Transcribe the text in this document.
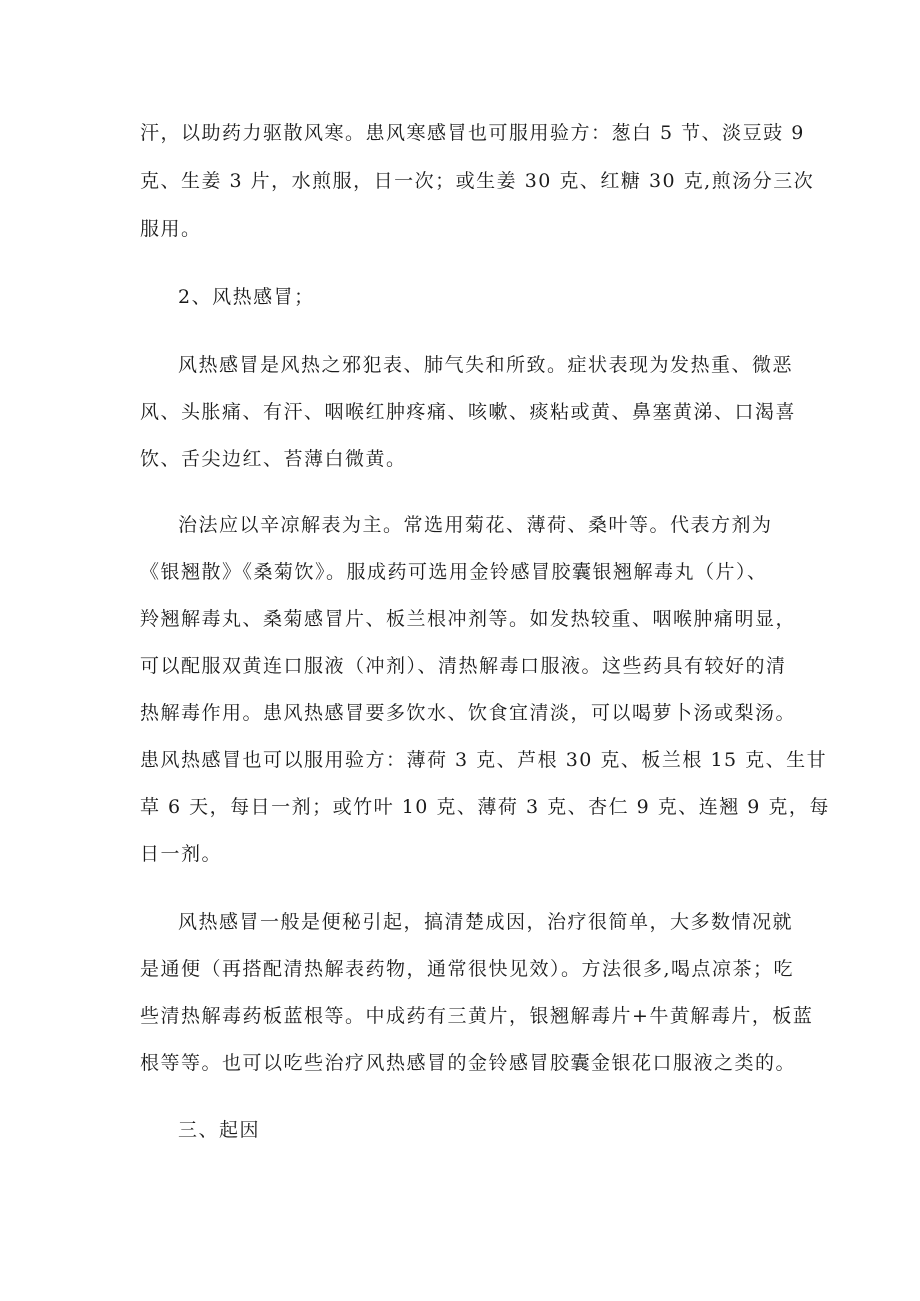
汗，以助药力驱散风寒。患风寒感冒也可服用验方：葱白 5 节、淡豆豉 9

克、生姜 3 片，水煎服，日一次；或生姜 30 克、红糖 30 克,煎汤分三次

服用。

2、风热感冒；

风热感冒是风热之邪犯表、肺气失和所致。症状表现为发热重、微恶

风、头胀痛、有汗、咽喉红肿疼痛、咳嗽、痰粘或黄、鼻塞黄涕、口渴喜

饮、舌尖边红、苔薄白微黄。

治法应以辛凉解表为主。常选用菊花、薄荷、桑叶等。代表方剂为

《银翘散》《桑菊饮》。服成药可选用金铃感冒胶囊银翘解毒丸（片）、

羚翘解毒丸、桑菊感冒片、板兰根冲剂等。如发热较重、咽喉肿痛明显，

可以配服双黄连口服液（冲剂）、清热解毒口服液。这些药具有较好的清

热解毒作用。患风热感冒要多饮水、饮食宜清淡，可以喝萝卜汤或梨汤。

患风热感冒也可以服用验方：薄荷 3 克、芦根 30 克、板兰根 15 克、生甘

草 6 天，每日一剂；或竹叶 10 克、薄荷 3 克、杏仁 9 克、连翘 9 克，每

日一剂。

风热感冒一般是便秘引起，搞清楚成因，治疗很简单，大多数情况就

是通便（再搭配清热解表药物，通常很快见效）。方法很多,喝点凉茶；吃

些清热解毒药板蓝根等。中成药有三黄片，银翘解毒片+牛黄解毒片，板蓝

根等等。也可以吃些治疗风热感冒的金铃感冒胶囊金银花口服液之类的。

三、起因
